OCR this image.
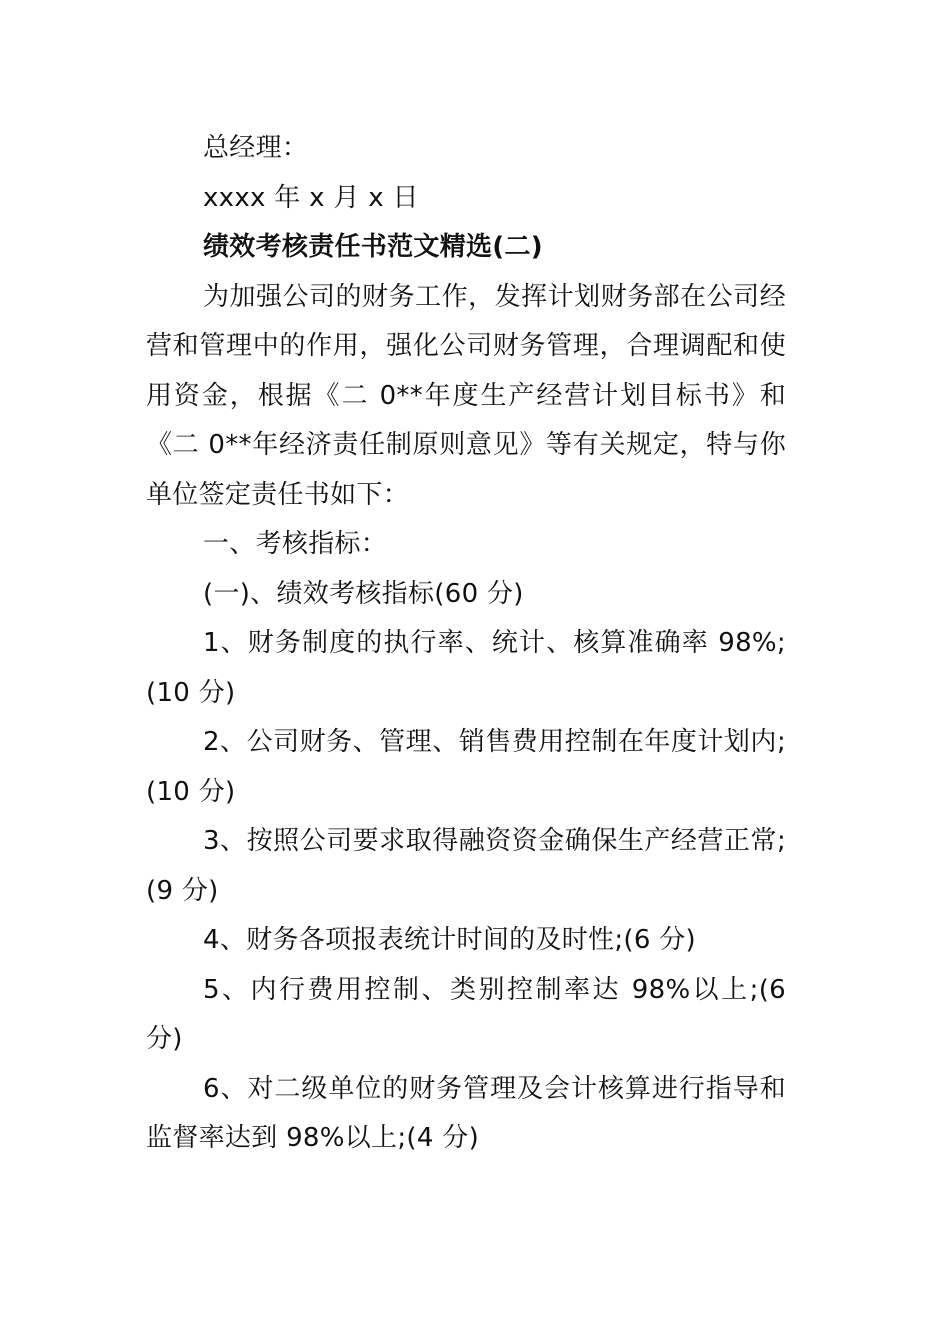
总经理：

xxxx 年 x 月 x 日

绩效考核责任书范文精选(二)

为加强公司的财务工作，发挥计划财务部在公司经营和管理中的作用，强化公司财务管理，合理调配和使用资金，根据《二 0**年度生产经营计划目标书》和《二 0**年经济责任制原则意见》等有关规定，特与你单位签定责任书如下：

一、考核指标：

(一)、绩效考核指标(60 分)

1、财务制度的执行率、统计、核算准确率 98%;(10 分)

2、公司财务、管理、销售费用控制在年度计划内;(10 分)

3、按照公司要求取得融资资金确保生产经营正常;(9 分)

4、财务各项报表统计时间的及时性;(6 分)

5、内行费用控制、类别控制率达 98%以上;(6 分)

6、对二级单位的财务管理及会计核算进行指导和监督率达到 98%以上;(4 分)
